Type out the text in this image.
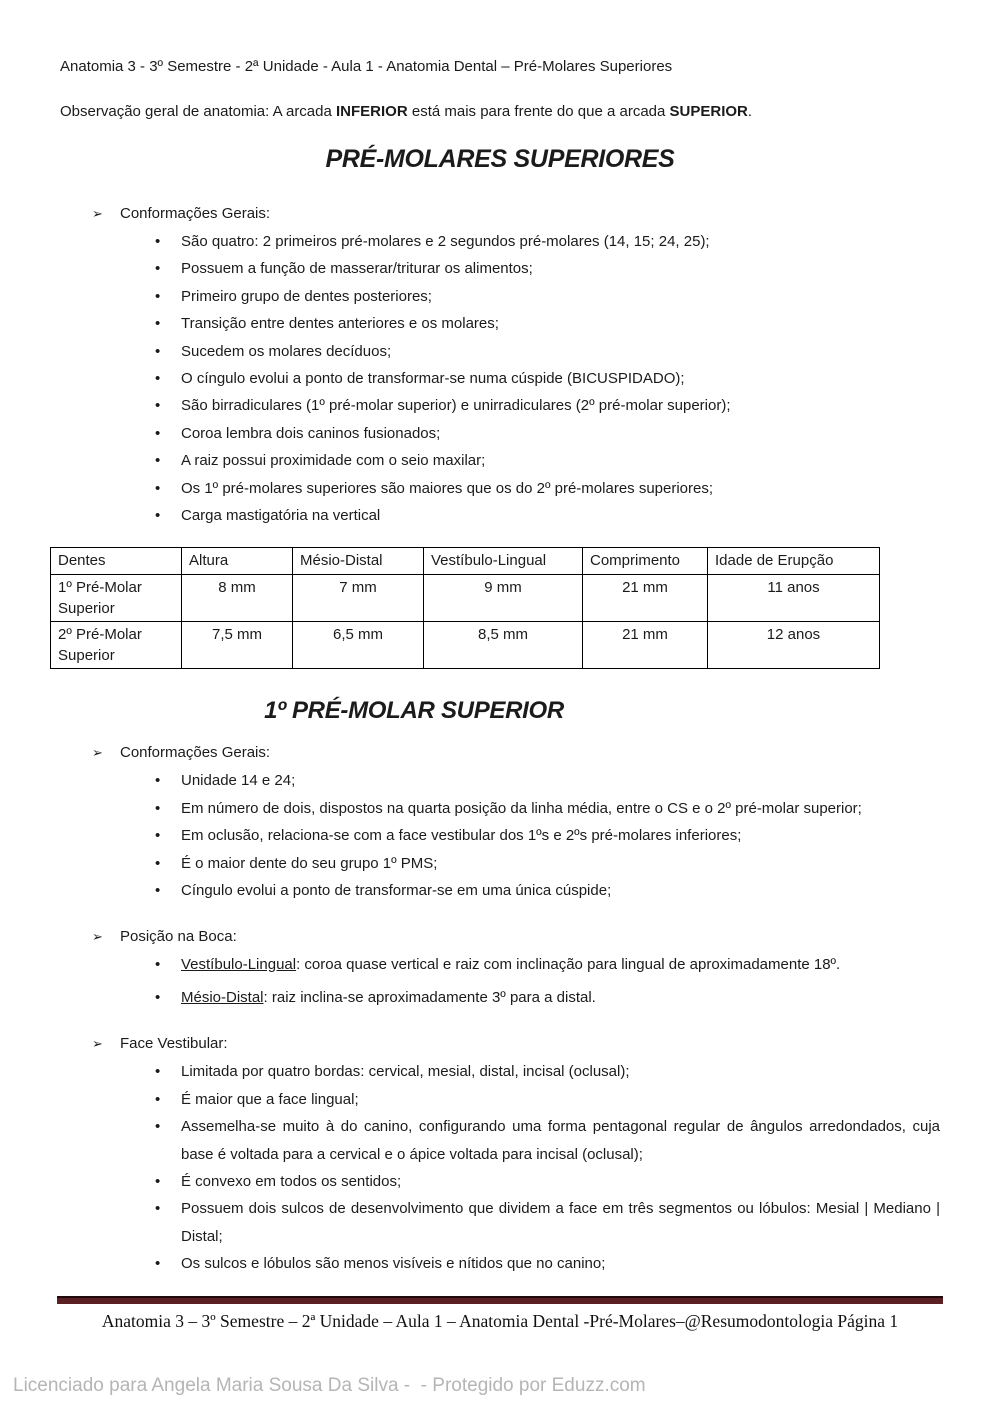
Anatomia 3 - 3º Semestre - 2ª Unidade - Aula 1 - Anatomia Dental – Pré-Molares Superiores
Observação geral de anatomia: A arcada INFERIOR está mais para frente do que a arcada SUPERIOR.
PRÉ-MOLARES SUPERIORES
➢	Conformações Gerais:
•	São quatro: 2 primeiros pré-molares e 2 segundos pré-molares (14, 15; 24, 25);
•	Possuem a função de masserar/triturar os alimentos;
•	Primeiro grupo de dentes posteriores;
•	Transição entre dentes anteriores e os molares;
•	Sucedem os molares decíduos;
•	O cíngulo evolui a ponto de transformar-se numa cúspide (BICUSPIDADO);
•	São birradiculares (1º pré-molar superior) e unirradiculares (2º pré-molar superior);
•	Coroa lembra dois caninos fusionados;
•	A raiz possui proximidade com o seio maxilar;
•	Os 1º pré-molares superiores são maiores que os do 2º pré-molares superiores;
•	Carga mastigatória na vertical
Dentes	Altura	Mésio-Distal	Vestíbulo-Lingual	Comprimento	Idade de Erupção
1º Pré-Molar Superior	8 mm	7 mm	9 mm	21 mm	11 anos
2º Pré-Molar Superior	7,5 mm	6,5 mm	8,5 mm	21 mm	12 anos
1º PRÉ-MOLAR SUPERIOR
➢	Conformações Gerais:
•	Unidade 14 e 24;
•	Em número de dois, dispostos na quarta posição da linha média, entre o CS e o 2º pré-molar superior;
•	Em oclusão, relaciona-se com a face vestibular dos 1ºs e 2ºs pré-molares inferiores;
•	É o maior dente do seu grupo 1º PMS;
•	Cíngulo evolui a ponto de transformar-se em uma única cúspide;
➢	Posição na Boca:
•	Vestíbulo-Lingual: coroa quase vertical e raiz com inclinação para lingual de aproximadamente 18º.
•	Mésio-Distal: raiz inclina-se aproximadamente 3º para a distal.
➢	Face Vestibular:
•	Limitada por quatro bordas: cervical, mesial, distal, incisal (oclusal);
•	É maior que a face lingual;
•	Assemelha-se muito à do canino, configurando uma forma pentagonal regular de ângulos arredondados, cuja base é voltada para a cervical e o ápice voltada para incisal (oclusal);
•	É convexo em todos os sentidos;
•	Possuem dois sulcos de desenvolvimento que dividem a face em três segmentos ou lóbulos: Mesial | Mediano | Distal;
•	Os sulcos e lóbulos são menos visíveis e nítidos que no canino;
Anatomia 3 – 3º Semestre – 2ª Unidade – Aula 1 – Anatomia Dental -Pré-Molares–@Resumodontologia Página 1
Licenciado para Angela Maria Sousa Da Silva -  - Protegido por Eduzz.com
